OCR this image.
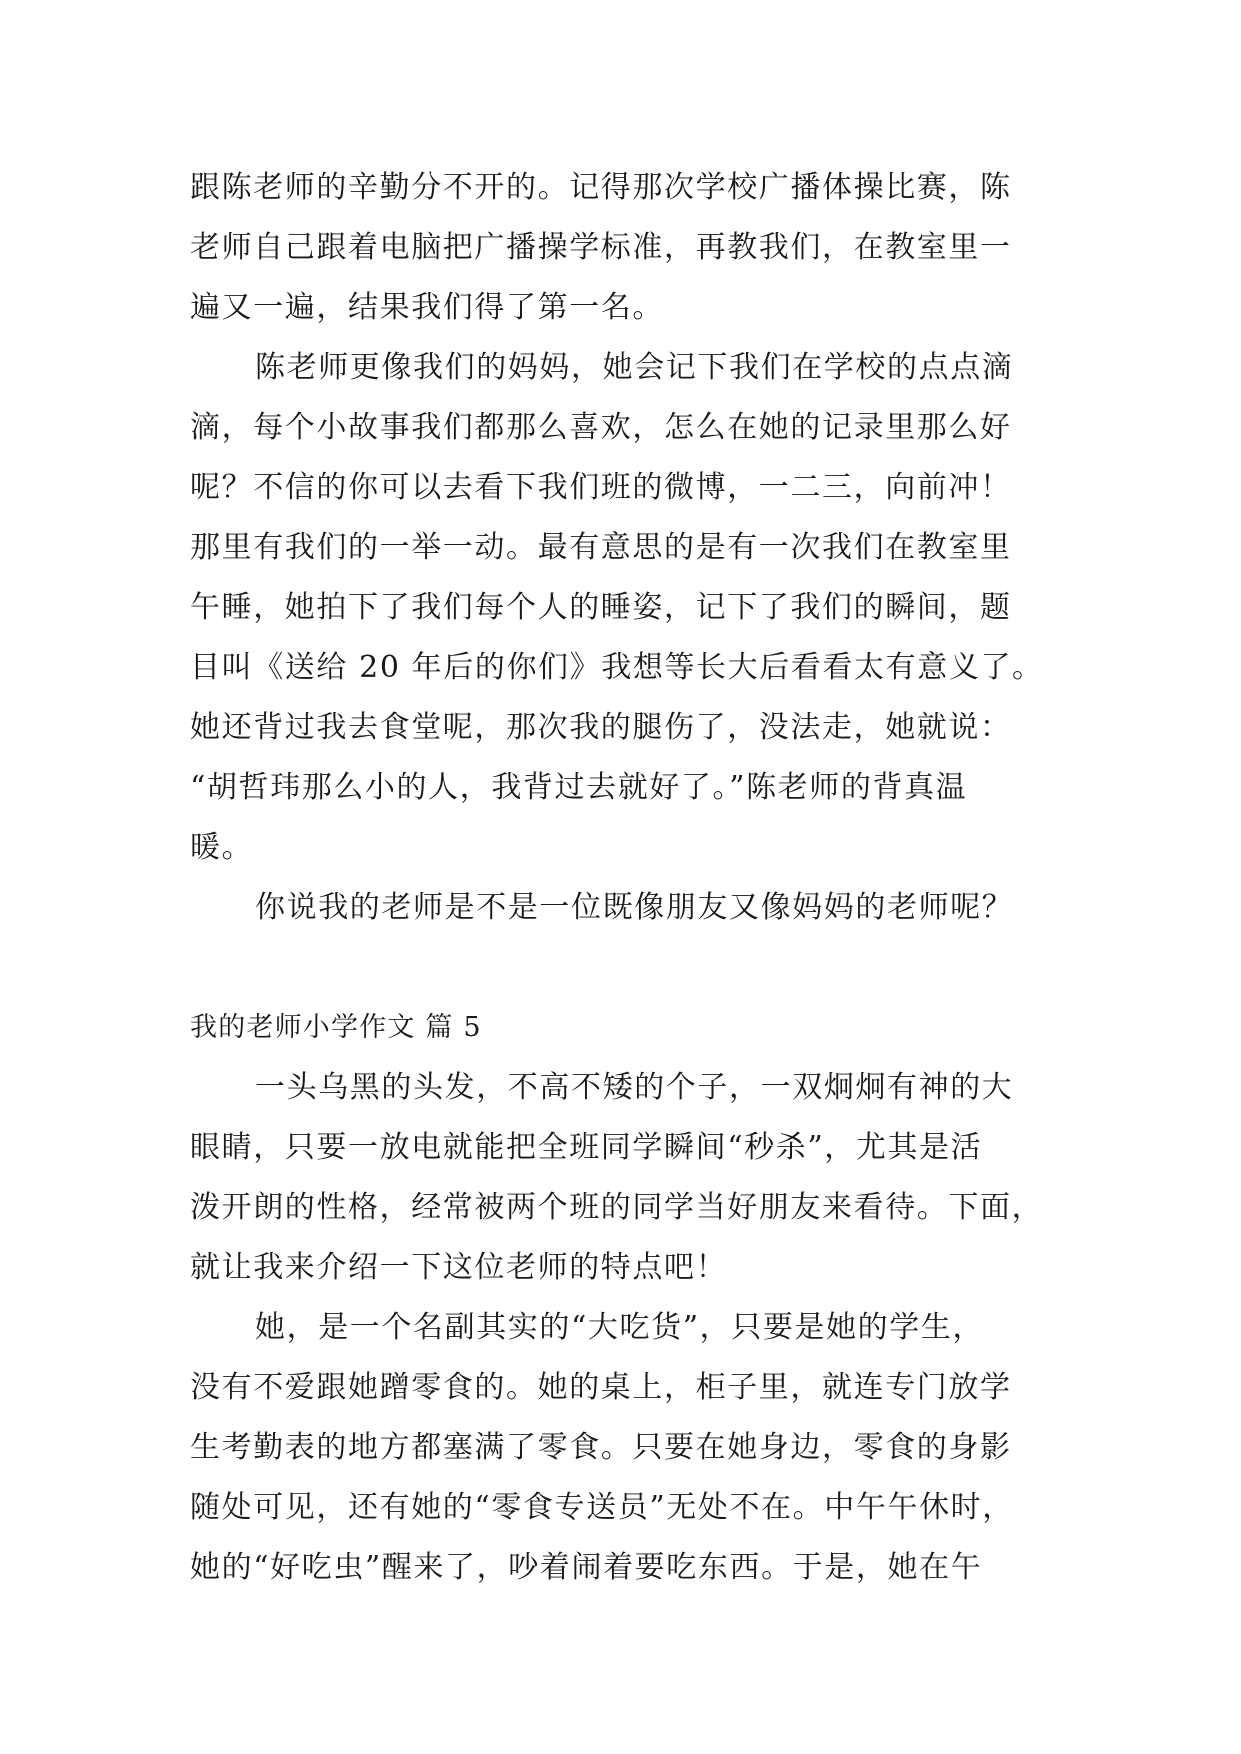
跟陈老师的辛勤分不开的。记得那次学校广播体操比赛，陈
老师自己跟着电脑把广播操学标准，再教我们，在教室里一
遍又一遍，结果我们得了第一名。
陈老师更像我们的妈妈，她会记下我们在学校的点点滴
滴，每个小故事我们都那么喜欢，怎么在她的记录里那么好
呢？不信的你可以去看下我们班的微博，一二三，向前冲！
那里有我们的一举一动。最有意思的是有一次我们在教室里
午睡，她拍下了我们每个人的睡姿，记下了我们的瞬间，题
目叫《送给 20 年后的你们》我想等长大后看看太有意义了。
她还背过我去食堂呢，那次我的腿伤了，没法走，她就说：
“胡哲玮那么小的人，我背过去就好了。”陈老师的背真温
暖。
你说我的老师是不是一位既像朋友又像妈妈的老师呢？
我的老师小学作文 篇 5
一头乌黑的头发，不高不矮的个子，一双炯炯有神的大
眼睛，只要一放电就能把全班同学瞬间“秒杀”，尤其是活
泼开朗的性格，经常被两个班的同学当好朋友来看待。下面，
就让我来介绍一下这位老师的特点吧！
她，是一个名副其实的“大吃货”，只要是她的学生，
没有不爱跟她蹭零食的。她的桌上，柜子里，就连专门放学
生考勤表的地方都塞满了零食。只要在她身边，零食的身影
随处可见，还有她的“零食专送员”无处不在。中午午休时，
她的“好吃虫”醒来了，吵着闹着要吃东西。于是，她在午
